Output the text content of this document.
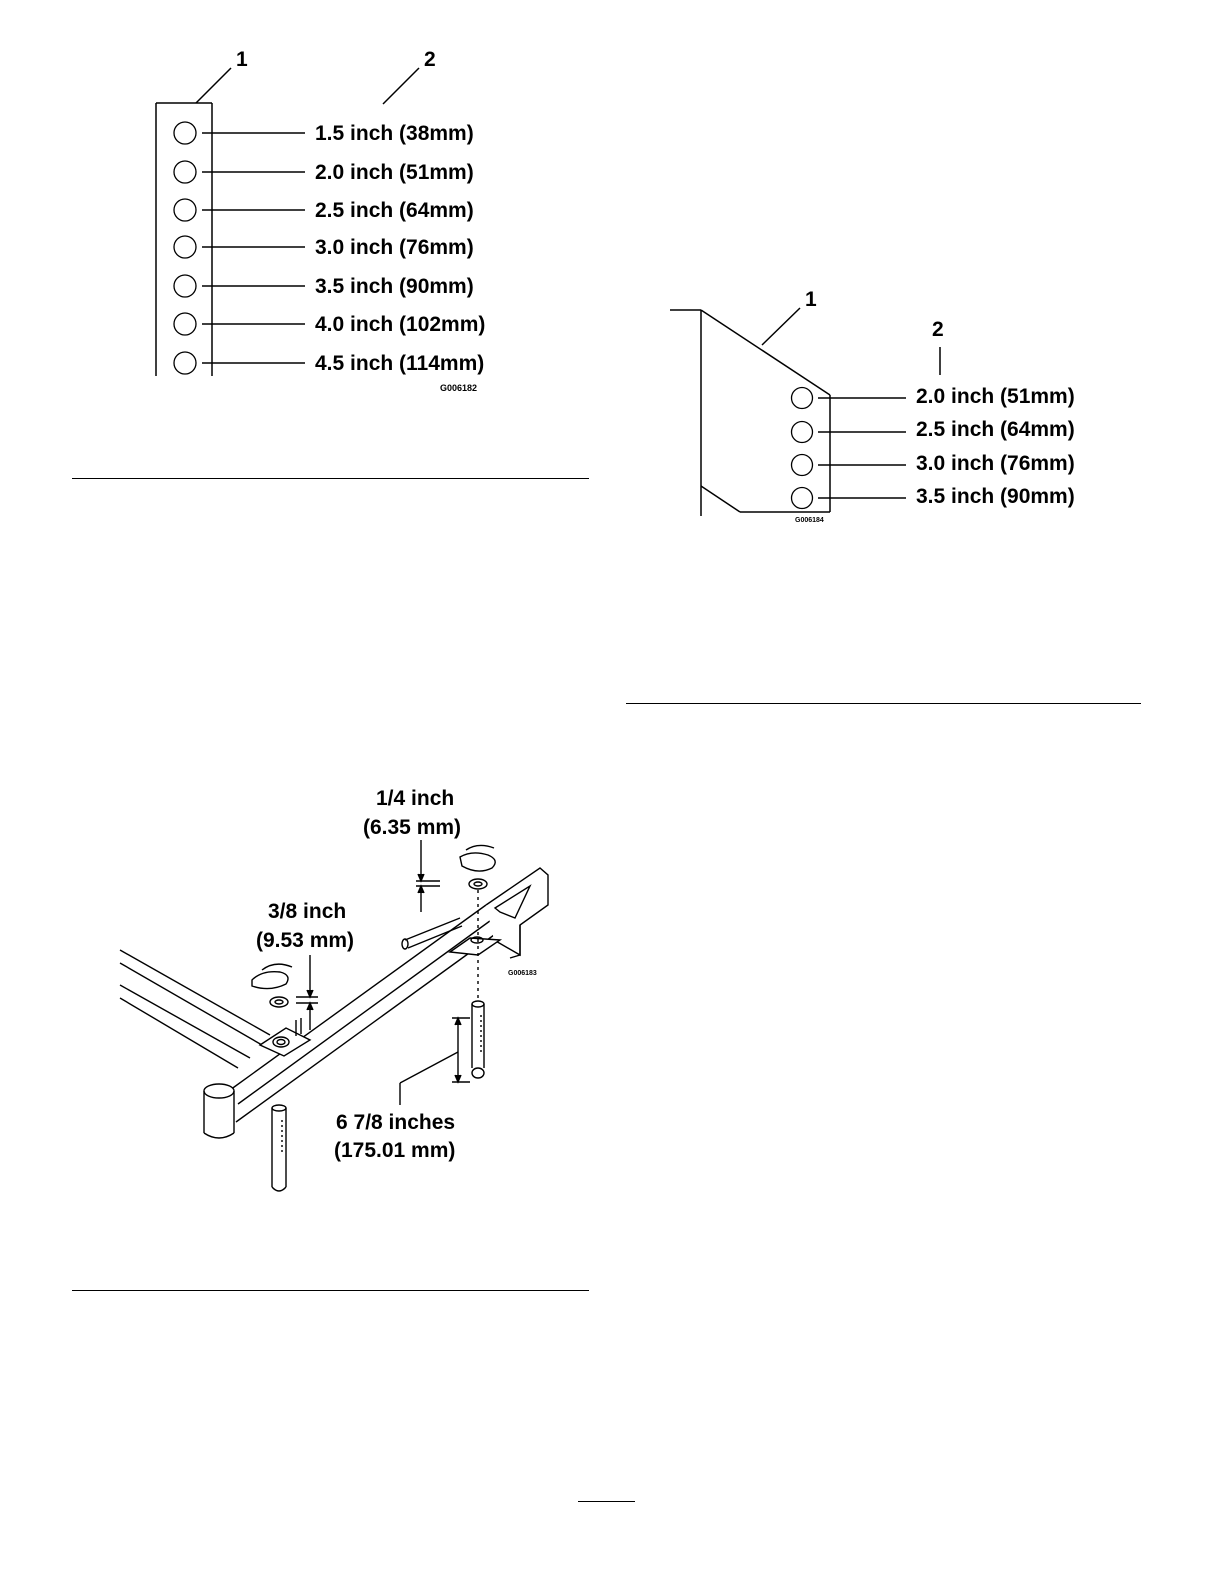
1	2
1.5 inch (38mm)
2.0 inch (51mm)
2.5 inch (64mm)
3.0 inch (76mm)
3.5 inch (90mm)
4.0 inch (102mm)
4.5 inch (114mm)
G006182
1
2
2.0 inch (51mm)
2.5 inch (64mm)
3.0 inch (76mm)
3.5 inch (90mm)
G006184
1/4 inch
(6.35 mm)
3/8 inch
(9.53 mm)
6 7/8 inches
(175.01 mm)
G006183
